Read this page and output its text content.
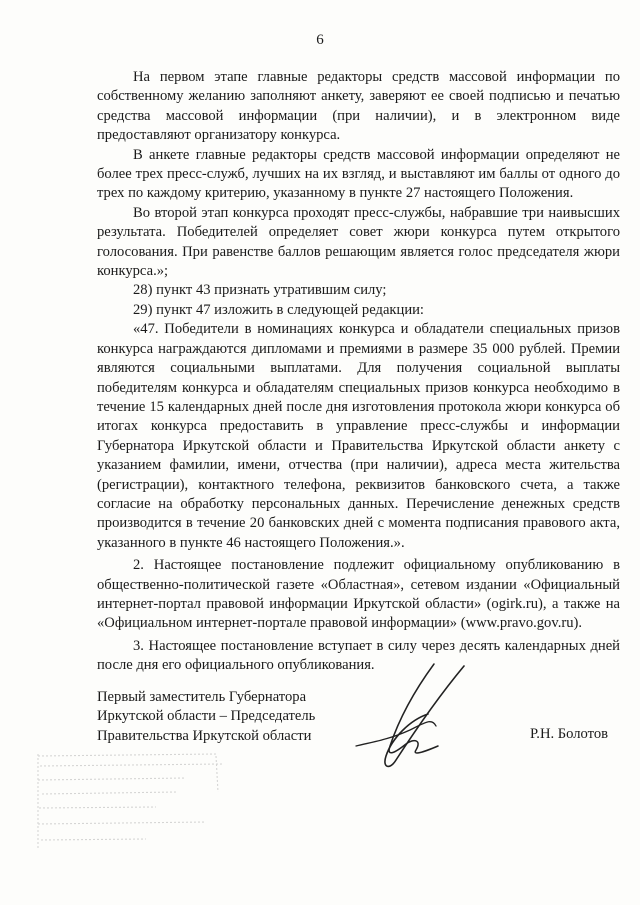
6

На первом этапе главные редакторы средств массовой информации по собственному желанию заполняют анкету, заверяют ее своей подписью и печатью средства массовой информации (при наличии), и в электронном виде предоставляют организатору конкурса.

В анкете главные редакторы средств массовой информации определяют не более трех пресс-служб, лучших на их взгляд, и выставляют им баллы от одного до трех по каждому критерию, указанному в пункте 27 настоящего Положения.

Во второй этап конкурса проходят пресс-службы, набравшие три наивысших результата. Победителей определяет совет жюри конкурса путем открытого голосования. При равенстве баллов решающим является голос председателя жюри конкурса.»;

28) пункт 43 признать утратившим силу;

29) пункт 47 изложить в следующей редакции:

«47. Победители в номинациях конкурса и обладатели специальных призов конкурса награждаются дипломами и премиями в размере 35 000 рублей. Премии являются социальными выплатами. Для получения социальной выплаты победителям конкурса и обладателям специальных призов конкурса необходимо в течение 15 календарных дней после дня изготовления протокола жюри конкурса об итогах конкурса предоставить в управление пресс-службы и информации Губернатора Иркутской области и Правительства Иркутской области анкету с указанием фамилии, имени, отчества (при наличии), адреса места жительства (регистрации), контактного телефона, реквизитов банковского счета, а также согласие на обработку персональных данных. Перечисление денежных средств производится в течение 20 банковских дней с момента подписания правового акта, указанного в пункте 46 настоящего Положения.».

2. Настоящее постановление подлежит официальному опубликованию в общественно-политической газете «Областная», сетевом издании «Официальный интернет-портал правовой информации Иркутской области» (ogirk.ru), а также на «Официальном интернет-портале правовой информации» (www.pravo.gov.ru).

3. Настоящее постановление вступает в силу через десять календарных дней после дня его официального опубликования.

Первый заместитель Губернатора
Иркутской области – Председатель
Правительства Иркутской области	Р.Н. Болотов
